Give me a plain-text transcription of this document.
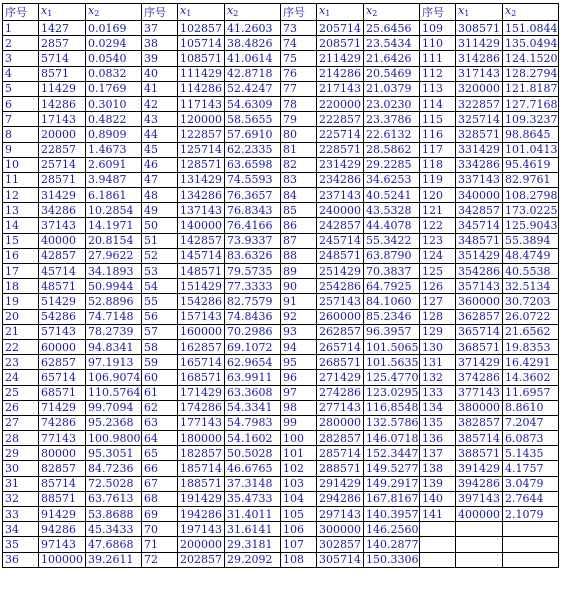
序号	$x_1$	$x_2$	序号	$x_1$	$x_2$	序号	$x_1$	$x_2$	序号	$x_1$	$x_2$
1	1427	0.0169	37	102857	41.2603	73	205714	25.6456	109	308571	151.0844
2	2857	0.0294	38	105714	38.4826	74	208571	23.5434	110	311429	135.0494
3	5714	0.0540	39	108571	41.0614	75	211429	21.6426	111	314286	124.1520
4	8571	0.0832	40	111429	42.8718	76	214286	20.5469	112	317143	128.2794
5	11429	0.1769	41	114286	52.4247	77	217143	21.0379	113	320000	121.8187
6	14286	0.3010	42	117143	54.6309	78	220000	23.0230	114	322857	127.7168
7	17143	0.4822	43	120000	58.5655	79	222857	23.3786	115	325714	109.3237
8	20000	0.8909	44	122857	57.6910	80	225714	22.6132	116	328571	98.8645
9	22857	1.4673	45	125714	62.2335	81	228571	28.5862	117	331429	101.0413
10	25714	2.6091	46	128571	63.6598	82	231429	29.2285	118	334286	95.4619
11	28571	3.9487	47	131429	74.5593	83	234286	34.6253	119	337143	82.9761
12	31429	6.1861	48	134286	76.3657	84	237143	40.5241	120	340000	108.2798
13	34286	10.2854	49	137143	76.8343	85	240000	43.5328	121	342857	173.0225
14	37143	14.1971	50	140000	76.4166	86	242857	44.4078	122	345714	125.9043
15	40000	20.8154	51	142857	73.9337	87	245714	55.3422	123	348571	55.3894
16	42857	27.9622	52	145714	83.6326	88	248571	63.8790	124	351429	48.4749
17	45714	34.1893	53	148571	79.5735	89	251429	70.3837	125	354286	40.5538
18	48571	50.9944	54	151429	77.3333	90	254286	64.7925	126	357143	32.5134
19	51429	52.8896	55	154286	82.7579	91	257143	84.1060	127	360000	30.7203
20	54286	74.7148	56	157143	74.8436	92	260000	85.2346	128	362857	26.0722
21	57143	78.2739	57	160000	70.2986	93	262857	96.3957	129	365714	21.6562
22	60000	94.8341	58	162857	69.1072	94	265714	101.5065	130	368571	19.8353
23	62857	97.1913	59	165714	62.9654	95	268571	101.5635	131	371429	16.4291
24	65714	106.9074	60	168571	63.9911	96	271429	125.4770	132	374286	14.3602
25	68571	110.5764	61	171429	63.3608	97	274286	123.0295	133	377143	11.6957
26	71429	99.7094	62	174286	54.3341	98	277143	116.8548	134	380000	8.8610
27	74286	95.2368	63	177143	54.7983	99	280000	132.5786	135	382857	7.2047
28	77143	100.9800	64	180000	54.1602	100	282857	146.0718	136	385714	6.0873
29	80000	95.3051	65	182857	50.5028	101	285714	152.3447	137	388571	5.1435
30	82857	84.7236	66	185714	46.6765	102	288571	149.5277	138	391429	4.1757
31	85714	72.5028	67	188571	37.3148	103	291429	149.2917	139	394286	3.0479
32	88571	63.7613	68	191429	35.4733	104	294286	167.8167	140	397143	2.7644
33	91429	53.8688	69	194286	31.4011	105	297143	140.3957	141	400000	2.1079
34	94286	45.3433	70	197143	31.6141	106	300000	146.2560			
35	97143	47.6868	71	200000	29.3181	107	302857	140.2877			
36	100000	39.2611	72	202857	29.2092	108	305714	150.3306			
